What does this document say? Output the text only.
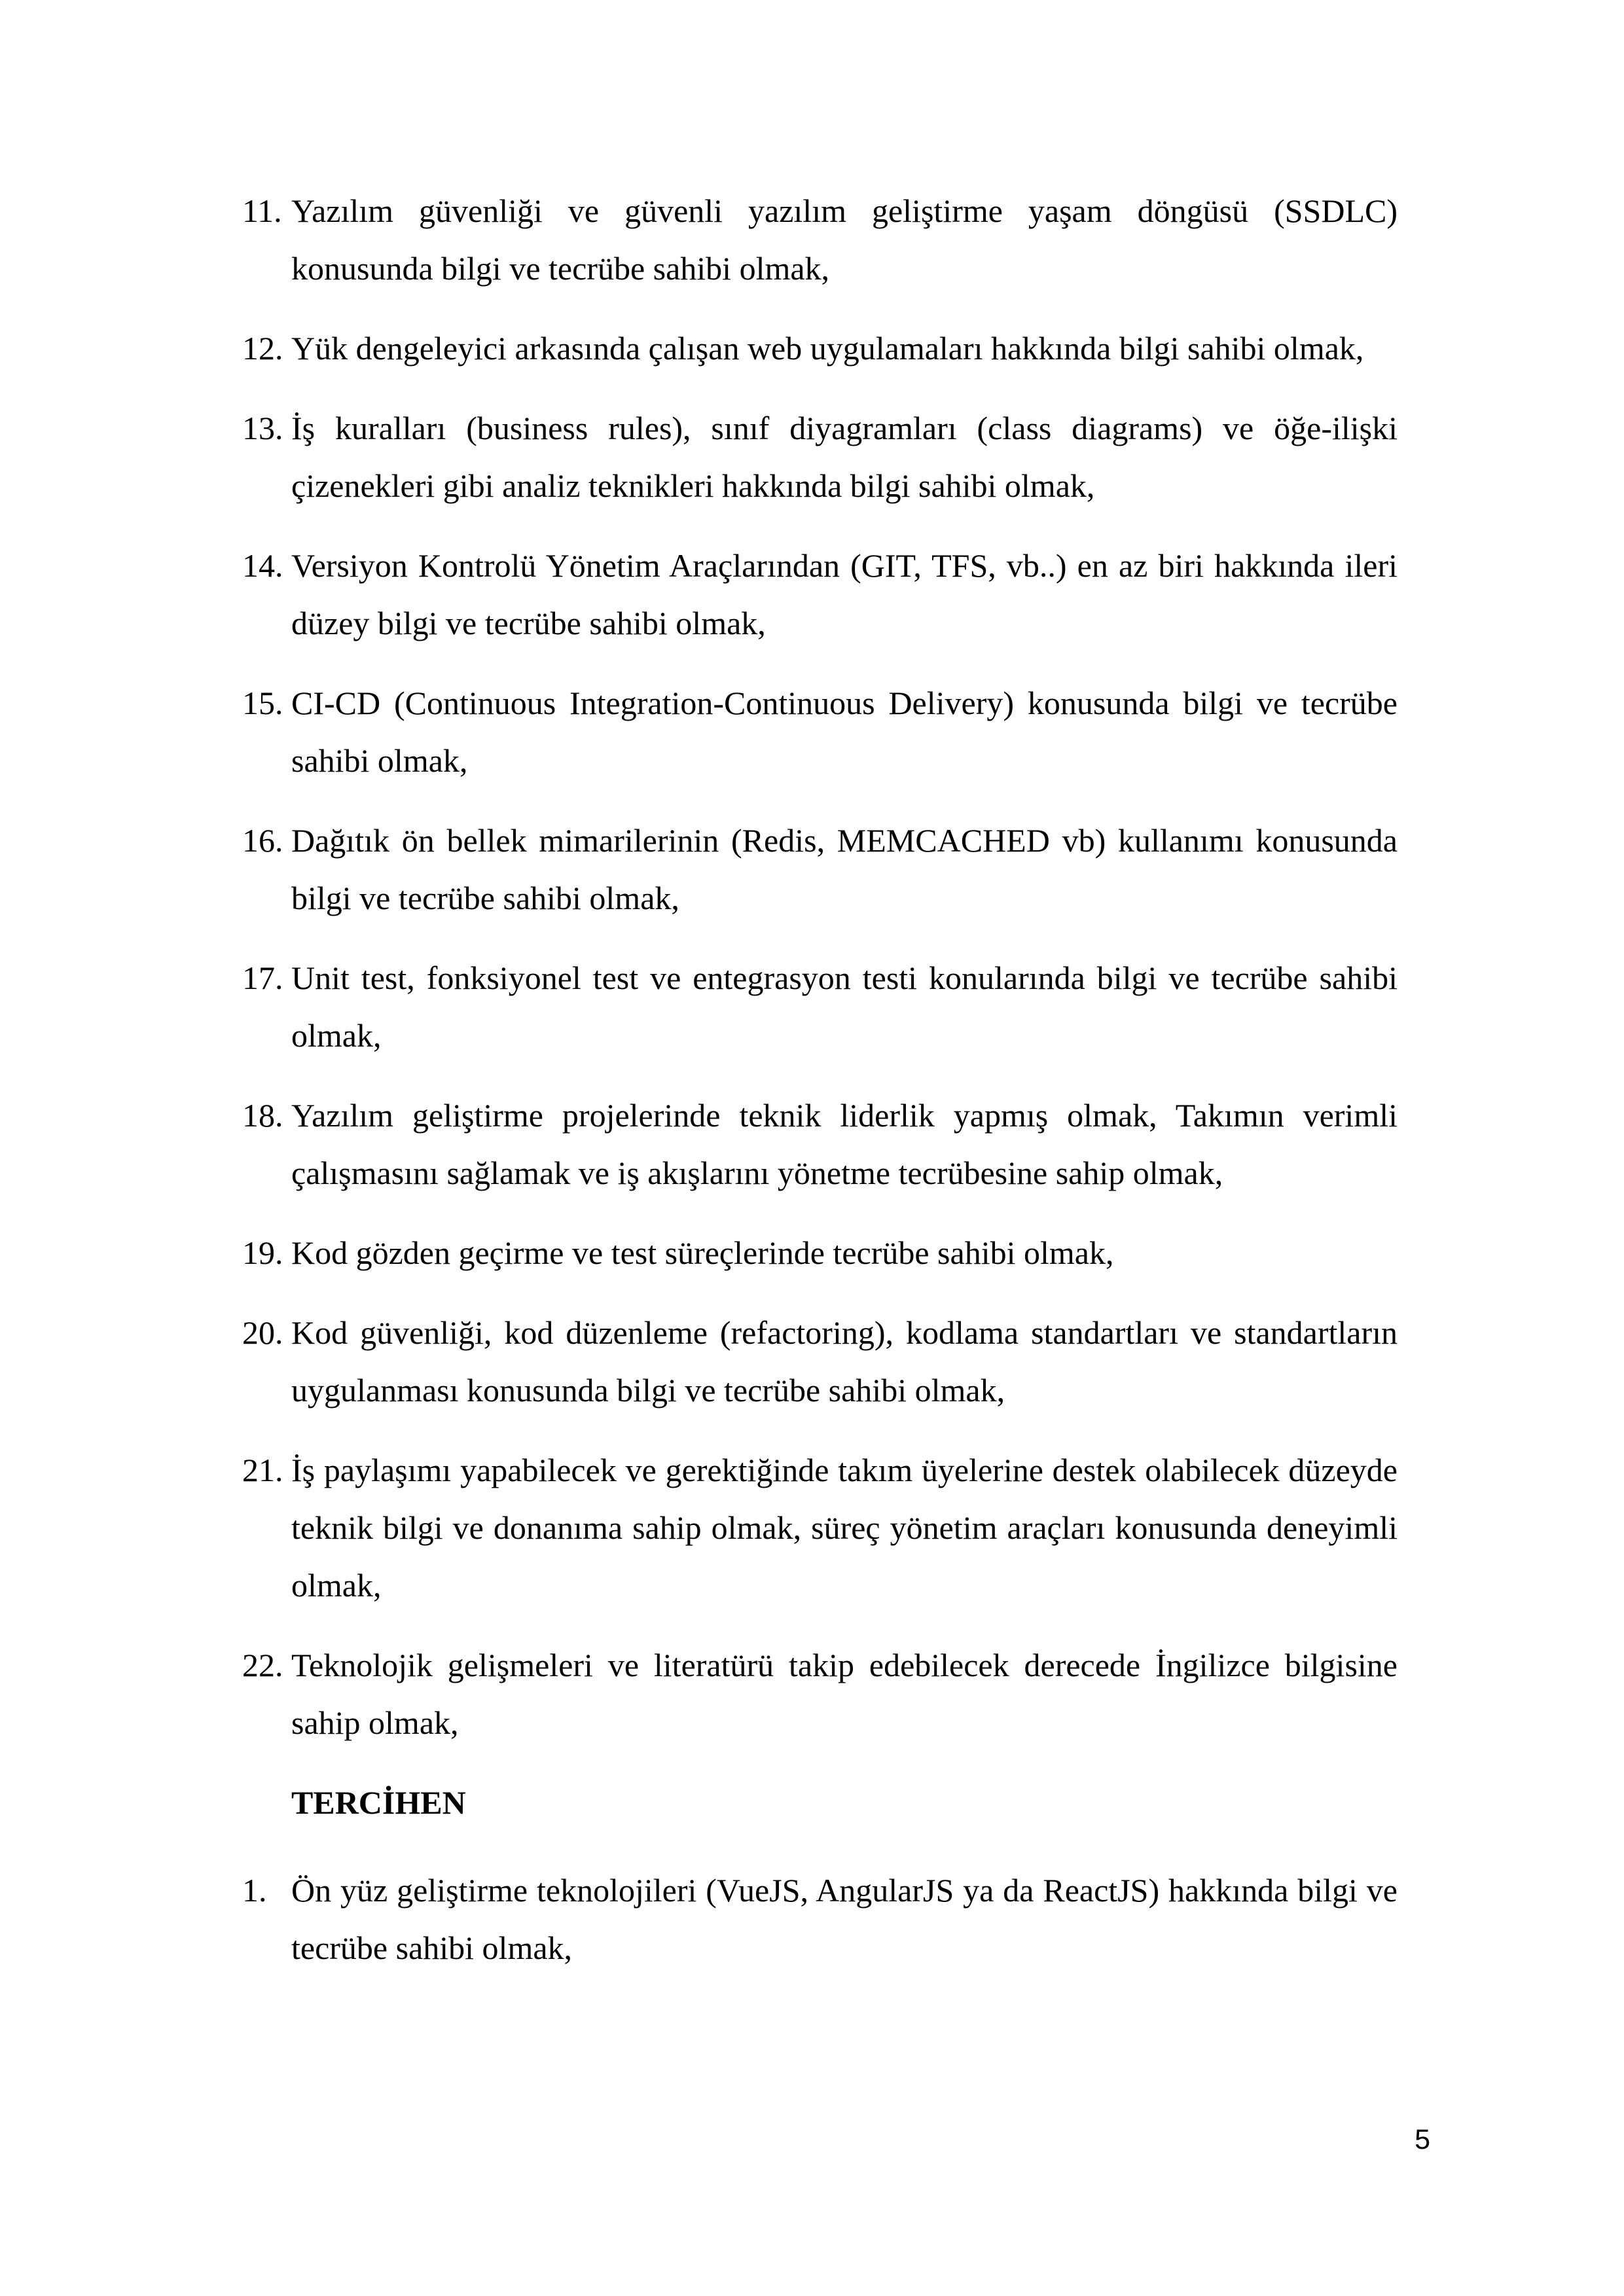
11. Yazılım güvenliği ve güvenli yazılım geliştirme yaşam döngüsü (SSDLC) konusunda bilgi ve tecrübe sahibi olmak,
12. Yük dengeleyici arkasında çalışan web uygulamaları hakkında bilgi sahibi olmak,
13. İş kuralları (business rules), sınıf diyagramları (class diagrams) ve öğe-ilişki çizenekleri gibi analiz teknikleri hakkında bilgi sahibi olmak,
14. Versiyon Kontrolü Yönetim Araçlarından (GIT, TFS, vb..) en az biri hakkında ileri düzey bilgi ve tecrübe sahibi olmak,
15. CI-CD (Continuous Integration-Continuous Delivery) konusunda bilgi ve tecrübe sahibi olmak,
16. Dağıtık ön bellek mimarilerinin (Redis, MEMCACHED vb) kullanımı konusunda bilgi ve tecrübe sahibi olmak,
17. Unit test, fonksiyonel test ve entegrasyon testi konularında bilgi ve tecrübe sahibi olmak,
18. Yazılım geliştirme projelerinde teknik liderlik yapmış olmak, Takımın verimli çalışmasını sağlamak ve iş akışlarını yönetme tecrübesine sahip olmak,
19. Kod gözden geçirme ve test süreçlerinde tecrübe sahibi olmak,
20. Kod güvenliği, kod düzenleme (refactoring), kodlama standartları ve standartların uygulanması konusunda bilgi ve tecrübe sahibi olmak,
21. İş paylaşımı yapabilecek ve gerektiğinde takım üyelerine destek olabilecek düzeyde teknik bilgi ve donanıma sahip olmak, süreç yönetim araçları konusunda deneyimli olmak,
22. Teknolojik gelişmeleri ve literatürü takip edebilecek derecede İngilizce bilgisine sahip olmak,
TERCİHEN
1. Ön yüz geliştirme teknolojileri (VueJS, AngularJS ya da ReactJS) hakkında bilgi ve tecrübe sahibi olmak,
5
